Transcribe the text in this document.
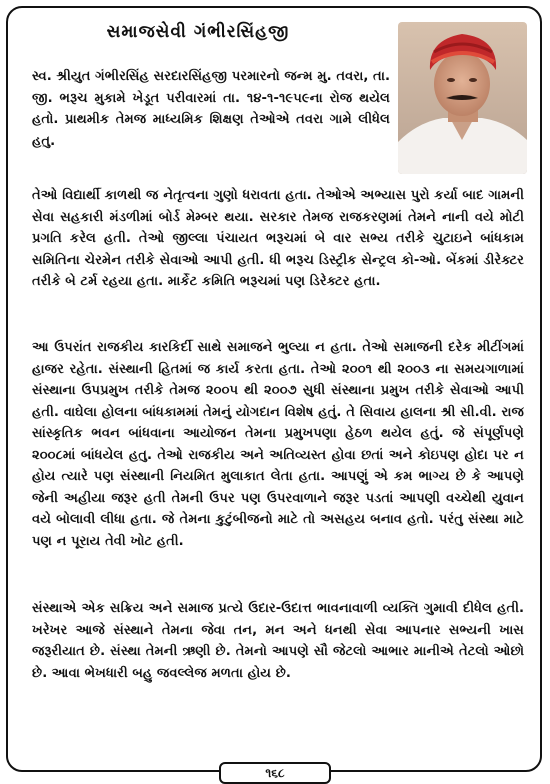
સમાજસેવી ગંભીરસિંહજી

સ્વ. શ્રીયુત ગંભીરસિંહ સરદારસિંહજી પરમારનો જન્મ મુ. તવરા, તા. જી. ભરૂચ મુકામે ખેડૂત પરીવારમાં તા. ૧૪-૧-૧૯૫૯ના રોજ થયેલ હતો. પ્રાથમીક તેમજ માધ્યમિક શિક્ષણ તેઓએ તવરા ગામે લીધેલ હતુ.

તેઓ વિદ્યાર્થી કાળથી જ નેતૃત્વના ગુણો ધરાવતા હતા. તેઓએ અભ્યાસ પુરો કર્યા બાદ ગામની સેવા સહકારી મંડળીમાં બોર્ડ મેમ્બર થયા. સરકાર તેમજ રાજકરણમાં તેમને નાની વયે મોટી પ્રગતિ કરેલ હતી. તેઓ જીલ્લા પંચાયત ભરૂચમાં બે વાર સભ્ય તરીકે ચુટાઇને બાંધકામ સમિતિના ચેરમેન તરીકે સેવાઓ આપી હતી. ધી ભરૂચ ડિસ્ટ્રીક સેન્ટ્રલ કો-ઓ. બેંકમાં ડીરેક્ટર તરીકે બે ટર્મ રહયા હતા. માર્કેટ કમિતિ ભરૂચમાં પણ ડિરેક્ટર હતા.

આ ઉપરાંત રાજકીય કારકિર્દી સાથે સમાજને ભુલ્યા ન હતા. તેઓ સમાજની દરેક મીટીંગમાં હાજર રહેતા. સંસ્થાની હિતમાં જ કાર્ય કરતા હતા. તેઓ ૨૦૦૧ થી ૨૦૦૩ ના સમયગાળામાં સંસ્થાના ઉપપ્રમુખ તરીકે તેમજ ૨૦૦૫ થી ૨૦૦૭ સુધી સંસ્થાના પ્રમુખ તરીકે સેવાઓ આપી હતી. વાઘેલા હોલના બાંધકામમાં તેમનું યોગદાન વિશેષ હતું. તે સિવાય હાલના શ્રી સી.વી. રાજ સાંસ્કૃતિક ભવન બાંધવાના આયોજન તેમના પ્રમુખપણા હેઠળ થયેલ હતું. જે સંપૂર્ણપણે ૨૦૦૮માં બાંધયેલ હતુ. તેઓ રાજકીય અને અતિવ્યસ્ત હોવા છતાં અને કોઇપણ હોદા પર ન હોય ત્યારે પણ સંસ્થાની નિયમિત મુલાકાત લેતા હતા. આપણું એ કમ ભાગ્ય છે કે આપણે જેની અહીયા જરૂર હતી તેમની ઉપર પણ ઉપરવાળાને જરૂર પડતાં આપણી વચ્ચેથી યુવાન વયે બોલાવી લીધા હતા. જે તેમના કુટુંબીજનો માટે તો અસહય બનાવ હતો. પરંતુ સંસ્થા માટે પણ ન પૂરાય તેવી ખોટ હતી.

સંસ્થાએ એક સક્રિય અને સમાજ પ્રત્યે ઉદાર-ઉદાત્ત ભાવનાવાળી વ્યક્તિ ગુમાવી દીધેલ હતી. ખરેખર આજે સંસ્થાને તેમના જેવા તન, મન અને ધનથી સેવા આપનાર સભ્યની ખાસ જરૂરીયાત છે. સંસ્થા તેમની ઋણી છે. તેમનો આપણે સૌ જેટલો આભાર માનીએ તેટલો ઓછો છે. આવા ભેખધારી બહુ જવલ્લેજ મળતા હોય છે.

૧૬૮
